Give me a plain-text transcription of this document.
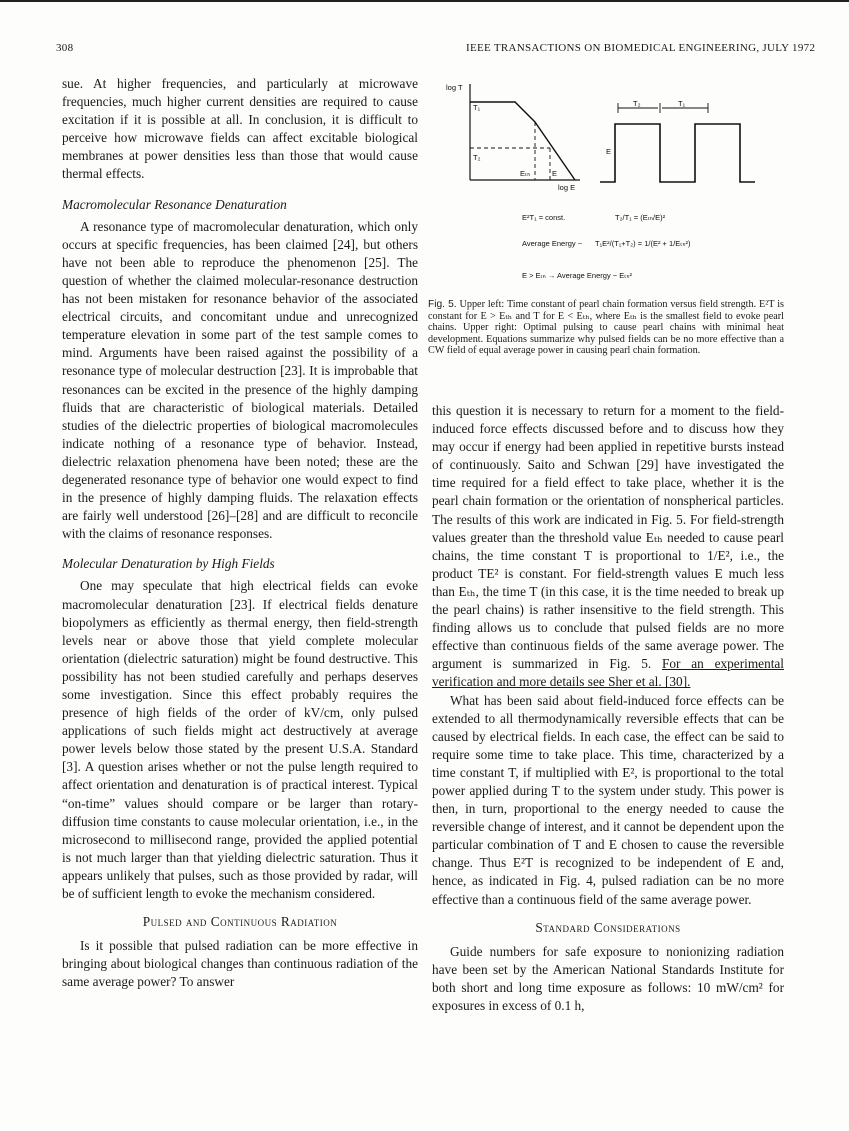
308	IEEE TRANSACTIONS ON BIOMEDICAL ENGINEERING, JULY 1972

sue. At higher frequencies, and particularly at microwave frequencies, much higher current densities are required to cause excitation if it is possible at all. In conclusion, it is difficult to perceive how microwave fields can affect excitable biological membranes at power densities less than those that would cause thermal effects.

Macromolecular Resonance Denaturation

A resonance type of macromolecular denaturation, which only occurs at specific frequencies, has been claimed [24], but others have not been able to reproduce the phenomenon [25]. The question of whether the claimed molecular-resonance destruction has not been mistaken for resonance behavior of the associated electrical circuits, and concomitant undue and unrecognized temperature elevation in some part of the test sample comes to mind. Arguments have been raised against the possibility of a resonance type of molecular destruction [23]. It is improbable that resonances can be excited in the presence of the highly damping fluids that are characteristic of biological materials. Detailed studies of the dielectric properties of biological macromolecules indicate nothing of a resonance type of behavior. Instead, dielectric relaxation phenomena have been noted; these are the degenerated resonance type of behavior one would expect to find in the presence of highly damping fluids. The relaxation effects are fairly well understood [26]–[28] and are difficult to reconcile with the claims of resonance responses.

Molecular Denaturation by High Fields

One may speculate that high electrical fields can evoke macromolecular denaturation [23]. If electrical fields denature biopolymers as efficiently as thermal energy, then field-strength levels near or above those that yield complete molecular orientation (dielectric saturation) might be found destructive. This possibility has not been studied carefully and perhaps deserves some investigation. Since this effect probably requires the presence of high fields of the order of kV/cm, only pulsed applications of such fields might act destructively at average power levels below those stated by the present U.S.A. Standard [3]. A question arises whether or not the pulse length required to affect orientation and denaturation is of practical interest. Typical “on-time” values should compare or be larger than rotary-diffusion time constants to cause molecular orientation, i.e., in the microsecond to millisecond range, provided the applied potential is not much larger than that yielding dielectric saturation. Thus it appears unlikely that pulses, such as those provided by radar, will be of sufficient length to evoke the mechanism considered.

Pulsed and Continuous Radiation

Is it possible that pulsed radiation can be more effective in bringing about biological changes than continuous radiation of the same average power? To answer

log T
log E
T₁
T₂
Eₜₕ	E
T₂	T₁
E
E²T₁ = const.	T₂/T₁ = (Eₜₕ/E)²
Average Energy ~ T₁E²/(T₁+T₂) = 1/(E² + 1/Eₜₕ²)
E > Eₜₕ → Average Energy ~ Eₜₕ²
Fig. 5. Upper left: Time constant of pearl chain formation versus field strength. E²T is constant for E > Eₜₕ and T for E < Eₜₕ, where Eₜₕ is the smallest field to evoke pearl chains. Upper right: Optimal pulsing to cause pearl chains with minimal heat development. Equations summarize why pulsed fields can be no more effective than a CW field of equal average power in causing pearl chain formation.

this question it is necessary to return for a moment to the field-induced force effects discussed before and to discuss how they may occur if energy had been applied in repetitive bursts instead of continuously. Saito and Schwan [29] have investigated the time required for a field effect to take place, whether it is the pearl chain formation or the orientation of nonspherical particles. The results of this work are indicated in Fig. 5. For field-strength values greater than the threshold value Eₜₕ needed to cause pearl chains, the time constant T is proportional to 1/E², i.e., the product TE² is constant. For field-strength values E much less than Eₜₕ, the time T (in this case, it is the time needed to break up the pearl chains) is rather insensitive to the field strength. This finding allows us to conclude that pulsed fields are no more effective than continuous fields of the same average power. The argument is summarized in Fig. 5. For an experimental verification and more details see Sher et al. [30].

What has been said about field-induced force effects can be extended to all thermodynamically reversible effects that can be caused by electrical fields. In each case, the effect can be said to require some time to take place. This time, characterized by a time constant T, if multiplied with E², is proportional to the total power applied during T to the system under study. This power is then, in turn, proportional to the energy needed to cause the reversible change of interest, and it cannot be dependent upon the particular combination of T and E chosen to cause the reversible change. Thus E²T is recognized to be independent of E and, hence, as indicated in Fig. 4, pulsed radiation can be no more effective than a continuous field of the same average power.

Standard Considerations

Guide numbers for safe exposure to nonionizing radiation have been set by the American National Standards Institute for both short and long time exposure as follows: 10 mW/cm² for exposures in excess of 0.1 h,
